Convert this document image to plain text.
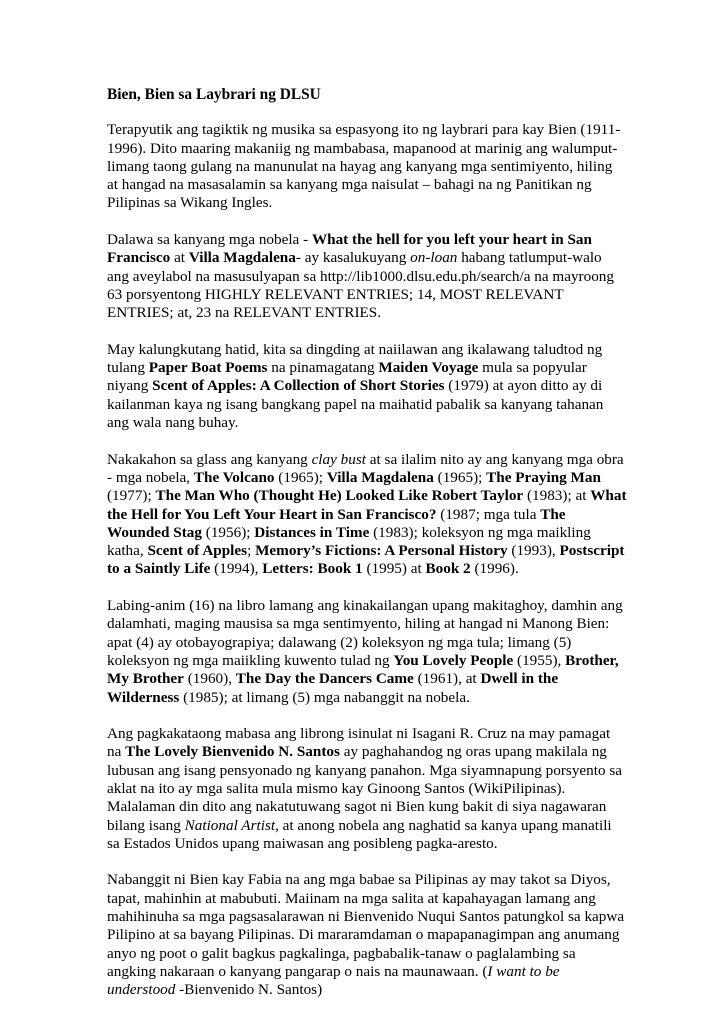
Bien, Bien sa Laybrari ng DLSU

Terapyutik ang tagiktik ng musika sa espasyong ito ng laybrari para kay Bien (1911-1996). Dito maaring makaniig ng mambabasa, mapanood at marinig ang walumput-limang taong gulang na manunulat na hayag ang kanyang mga sentimiyento, hiling at hangad na masasalamin sa kanyang mga naisulat – bahagi na ng Panitikan ng Pilipinas sa Wikang Ingles.

Dalawa sa kanyang mga nobela - What the hell for you left your heart in San Francisco at Villa Magdalena- ay kasalukuyang on-loan habang tatlumput-walo ang aveylabol na masusulyapan sa http://lib1000.dlsu.edu.ph/search/a na mayroong 63 porsyentong HIGHLY RELEVANT ENTRIES; 14, MOST RELEVANT ENTRIES; at, 23 na RELEVANT ENTRIES.

May kalungkutang hatid, kita sa dingding at naiilawan ang ikalawang taludtod ng tulang Paper Boat Poems na pinamagatang Maiden Voyage mula sa popyular niyang Scent of Apples: A Collection of Short Stories (1979) at ayon ditto ay di kailanman kaya ng isang bangkang papel na maihatid pabalik sa kanyang tahanan ang wala nang buhay.

Nakakahon sa glass ang kanyang clay bust at sa ilalim nito ay ang kanyang mga obra - mga nobela, The Volcano (1965); Villa Magdalena (1965); The Praying Man (1977); The Man Who (Thought He) Looked Like Robert Taylor (1983); at What the Hell for You Left Your Heart in San Francisco? (1987; mga tula The Wounded Stag (1956); Distances in Time (1983); koleksyon ng mga maikling katha, Scent of Apples; Memory’s Fictions: A Personal History (1993), Postscript to a Saintly Life (1994), Letters: Book 1 (1995) at Book 2 (1996).

Labing-anim (16) na libro lamang ang kinakailangan upang makitaghoy, damhin ang dalamhati, maging mausisa sa mga sentimyento, hiling at hangad ni Manong Bien: apat (4) ay otobayograpiya; dalawang (2) koleksyon ng mga tula; limang (5) koleksyon ng mga maiikling kuwento tulad ng You Lovely People (1955), Brother, My Brother (1960), The Day the Dancers Came (1961), at Dwell in the Wilderness (1985); at limang (5) mga nabanggit na nobela.

Ang pagkakataong mabasa ang librong isinulat ni Isagani R. Cruz na may pamagat na The Lovely Bienvenido N. Santos ay paghahandog ng oras upang makilala ng lubusan ang isang pensyonado ng kanyang panahon. Mga siyamnapung porsyento sa aklat na ito ay mga salita mula mismo kay Ginoong Santos (WikiPilipinas). Malalaman din dito ang nakatutuwang sagot ni Bien kung bakit di siya nagawaran bilang isang National Artist, at anong nobela ang naghatid sa kanya upang manatili sa Estados Unidos upang maiwasan ang posibleng pagka-aresto.

Nabanggit ni Bien kay Fabia na ang mga babae sa Pilipinas ay may takot sa Diyos, tapat, mahinhin at mabubuti. Maiinam na mga salita at kapahayagan lamang ang mahihinuha sa mga pagsasalarawan ni Bienvenido Nuqui Santos patungkol sa kapwa Pilipino at sa bayang Pilipinas. Di mararamdaman o mapapanagimpan ang anumang anyo ng poot o galit bagkus pagkalinga, pagbabalik-tanaw o paglalambing sa angking nakaraan o kanyang pangarap o nais na maunawaan. (I want to be understood -Bienvenido N. Santos)
